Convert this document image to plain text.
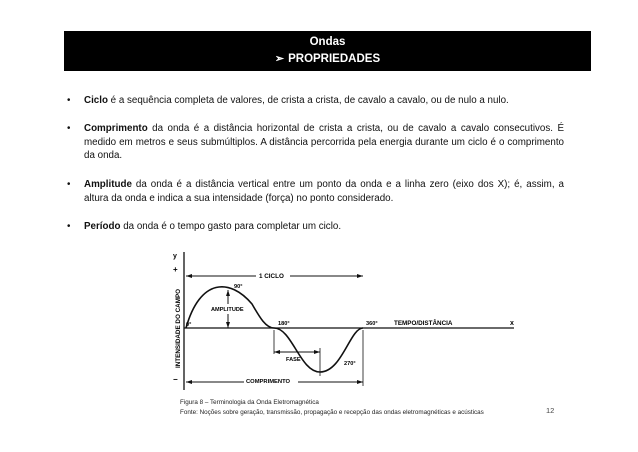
Ondas
➢ PROPRIEDADES
• Ciclo é a sequência completa de valores, de crista a crista, de cavalo a cavalo, ou de nulo a nulo.
• Comprimento da onda é a distância horizontal de crista a crista, ou de cavalo a cavalo consecutivos. É medido em metros e seus submúltiplos. A distância percorrida pela energia durante um ciclo é o comprimento da onda.
• Amplitude da onda é a distância vertical entre um ponto da onda e a linha zero (eixo dos X); é, assim, a altura da onda e indica a sua intensidade (força) no ponto considerado.
• Período da onda é o tempo gasto para completar um ciclo.
y
+
−
x
INTENSIDADE DO CAMPO
1 CICLO
AMPLITUDE
0°
90°
180°
270°
360°	TEMPO/DISTÂNCIA
FASE
COMPRIMENTO
Figura 8 – Terminologia da Onda Eletromagnética
Fonte: Noções sobre geração, transmissão, propagação e recepção das ondas eletromagnéticas e acústicas	12
